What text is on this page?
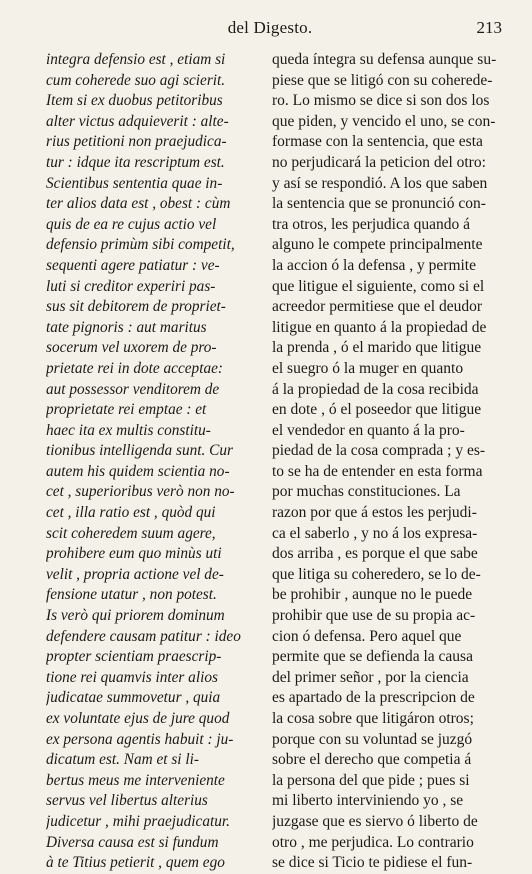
del Digesto.	213
integra defensio est , etiam si
cum coherede suo agi scierit.
Item si ex duobus petitoribus
alter victus adquieverit : alte-
rius petitioni non praejudica-
tur : idque ita rescriptum est.
Scientibus sententia quae in-
ter alios data est , obest : cùm
quis de ea re cujus actio vel
defensio primùm sibi competit,
sequenti agere patiatur : ve-
luti si creditor experiri pas-
sus sit debitorem de propriet-
tate pignoris : aut maritus
socerum vel uxorem de pro-
prietate rei in dote acceptae:
aut possessor venditorem de
proprietate rei emptae : et
haec ita ex multis constitu-
tionibus intelligenda sunt. Cur
autem his quidem scientia no-
cet , superioribus verò non no-
cet , illa ratio est , quòd qui
scit coheredem suum agere,
prohibere eum quo minùs uti
velit , propria actione vel de-
fensione utatur , non potest.
Is verò qui priorem dominum
defendere causam patitur : ideo
propter scientiam praescrip-
tione rei quamvis inter alios
judicatae summovetur , quia
ex voluntate ejus de jure quod
ex persona agentis habuit : ju-
dicatum est. Nam et si li-
bertus meus me interveniente
servus vel libertus alterius
judicetur , mihi praejudicatur.
Diversa causa est si fundum
à te Titius petierit , quem ego
queda íntegra su defensa aunque su-
piese que se litigó con su coherede-
ro. Lo mismo se dice si son dos los
que piden, y vencido el uno, se con-
formase con la sentencia, que esta
no perjudicará la peticion del otro:
y así se respondió. A los que saben
la sentencia que se pronunció con-
tra otros, les perjudica quando á
alguno le compete principalmente
la accion ó la defensa , y permite
que litigue el siguiente, como si el
acreedor permitiese que el deudor
litigue en quanto á la propiedad de
la prenda , ó el marido que litigue
el suegro ó la muger en quanto
á la propiedad de la cosa recibida
en dote , ó el poseedor que litigue
el vendedor en quanto á la pro-
piedad de la cosa comprada ; y es-
to se ha de entender en esta forma
por muchas constituciones. La
razon por que á estos les perjudi-
ca el saberlo , y no á los expresa-
dos arriba , es porque el que sabe
que litiga su coheredero, se lo de-
be prohibir , aunque no le puede
prohibir que use de su propia ac-
cion ó defensa. Pero aquel que
permite que se defienda la causa
del primer señor , por la ciencia
es apartado de la prescripcion de
la cosa sobre que litigáron otros;
porque con su voluntad se juzgó
sobre el derecho que competia á
la persona del que pide ; pues si
mi liberto interviniendo yo , se
juzgase que es siervo ó liberto de
otro , me perjudica. Lo contrario
se dice si Ticio te pidiese el fun-
